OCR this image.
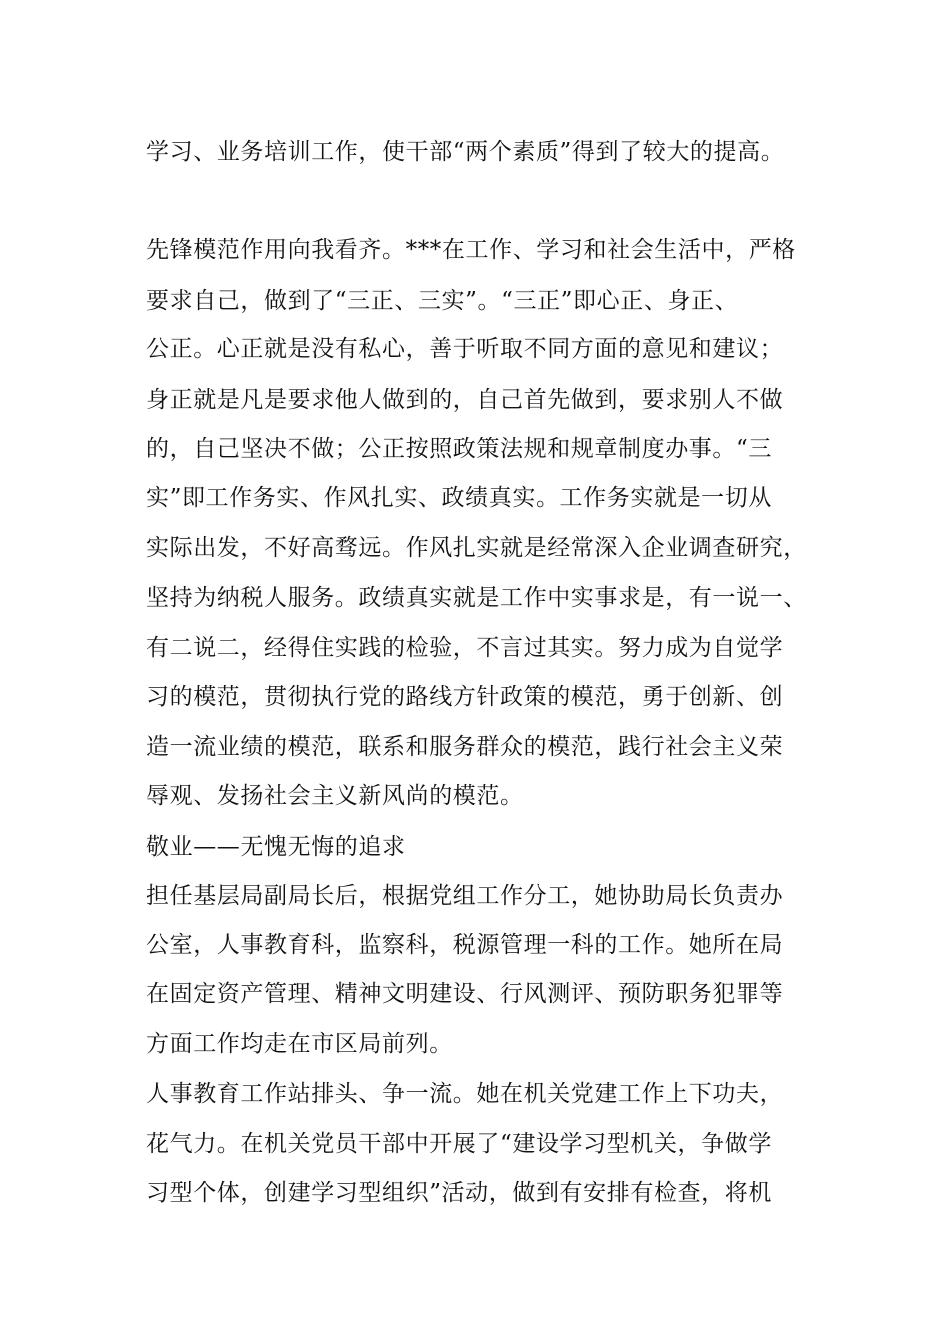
学习、业务培训工作，使干部“两个素质”得到了较大的提高。
先锋模范作用向我看齐。***在工作、学习和社会生活中，严格
要求自己，做到了“三正、三实”。“三正”即心正、身正、
公正。心正就是没有私心，善于听取不同方面的意见和建议；
身正就是凡是要求他人做到的，自己首先做到，要求别人不做
的，自己坚决不做；公正按照政策法规和规章制度办事。“三
实”即工作务实、作风扎实、政绩真实。工作务实就是一切从
实际出发，不好高骛远。作风扎实就是经常深入企业调查研究，
坚持为纳税人服务。政绩真实就是工作中实事求是，有一说一、
有二说二，经得住实践的检验，不言过其实。努力成为自觉学
习的模范，贯彻执行党的路线方针政策的模范，勇于创新、创
造一流业绩的模范，联系和服务群众的模范，践行社会主义荣
辱观、发扬社会主义新风尚的模范。
敬业——无愧无悔的追求
担任基层局副局长后，根据党组工作分工，她协助局长负责办
公室，人事教育科，监察科，税源管理一科的工作。她所在局
在固定资产管理、精神文明建设、行风测评、预防职务犯罪等
方面工作均走在市区局前列。
人事教育工作站排头、争一流。她在机关党建工作上下功夫，
花气力。在机关党员干部中开展了“建设学习型机关，争做学
习型个体，创建学习型组织”活动，做到有安排有检查，将机
